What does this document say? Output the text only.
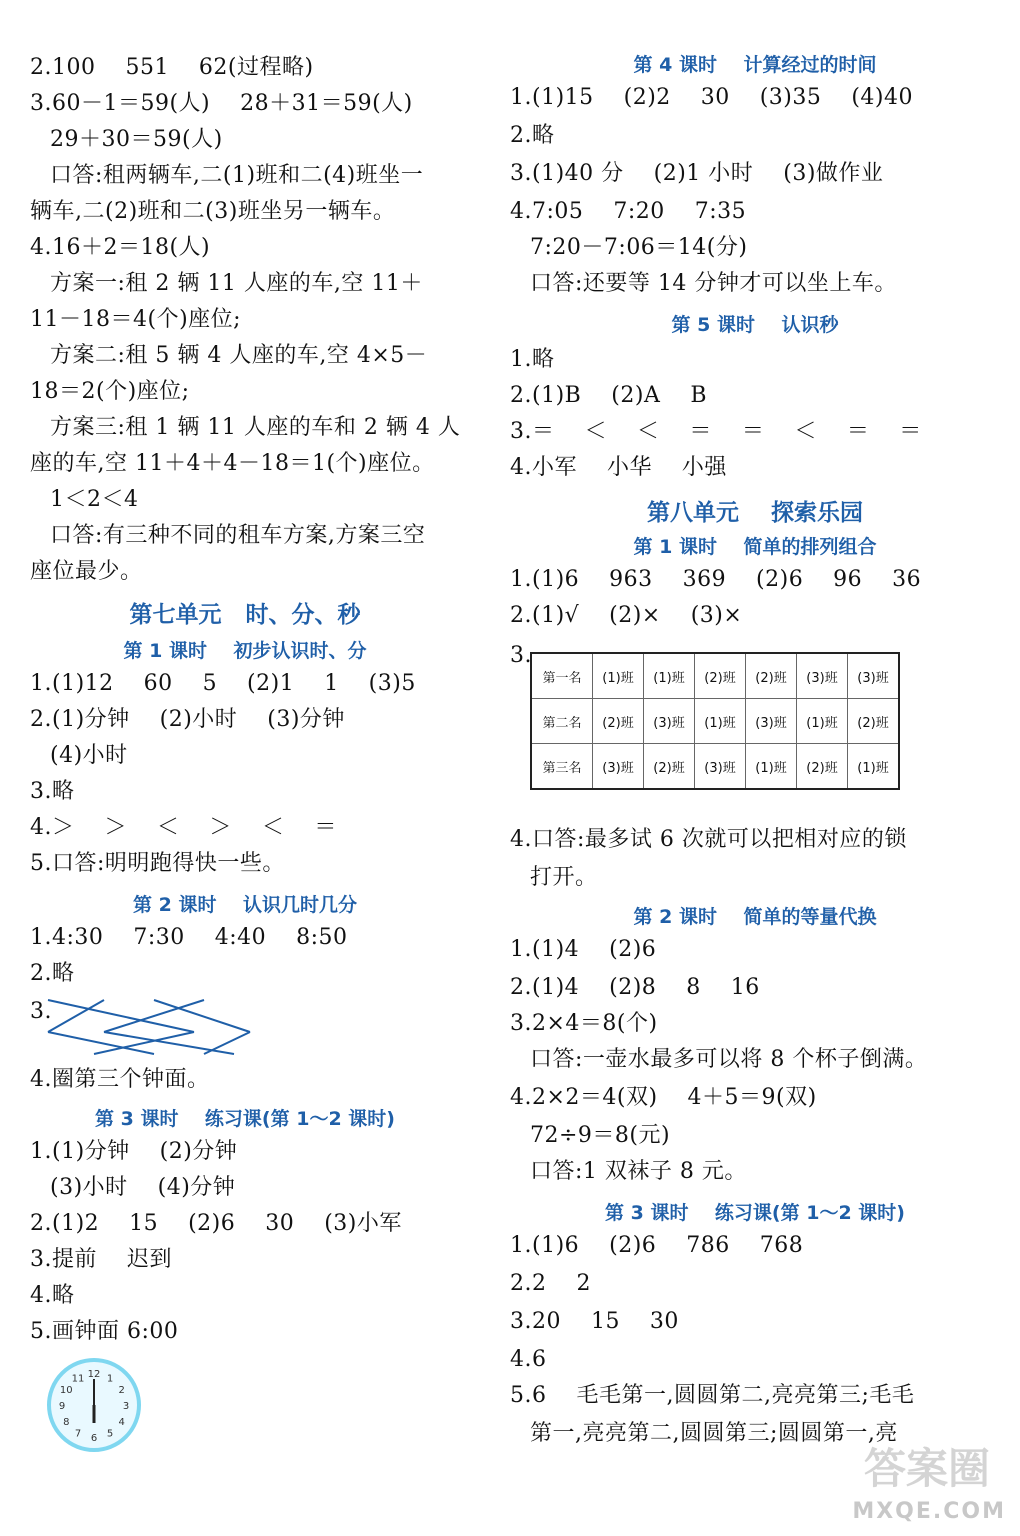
2.100    551    62(过程略)
3.60－1＝59(人)    28＋31＝59(人)
29＋30＝59(人)
口答:租两辆车,二(1)班和二(4)班坐一
辆车,二(2)班和二(3)班坐另一辆车。
4.16＋2＝18(人)
方案一:租 2 辆 11 人座的车,空 11＋
11－18＝4(个)座位;
方案二:租 5 辆 4 人座的车,空 4×5－
18＝2(个)座位;
方案三:租 1 辆 11 人座的车和 2 辆 4 人
座的车,空 11＋4＋4－18＝1(个)座位。
1＜2＜4
口答:有三种不同的租车方案,方案三空
座位最少。
第七单元   时、分、秒
第 1 课时    初步认识时、分
1.(1)12    60    5    (2)1    1    (3)5
2.(1)分钟    (2)小时    (3)分钟
(4)小时
3.略
4.＞    ＞    ＜    ＞    ＜    ＝
5.口答:明明跑得快一些。
第 2 课时    认识几时几分
1.4:30    7:30    4:40    8:50
2.略
3.
4.圈第三个钟面。
第 3 课时    练习课(第 1～2 课时)
1.(1)分钟    (2)分钟
(3)小时    (4)分钟
2.(1)2    15    (2)6    30    (3)小军
3.提前    迟到
4.略
5.画钟面 6:00
12 1
2
3
4
5
6
7
8
9
10
11
第 4 课时    计算经过的时间
1.(1)15    (2)2    30    (3)35    (4)40
2.略
3.(1)40 分    (2)1 小时    (3)做作业
4.7:05    7:20    7:35
7:20－7:06＝14(分)
口答:还要等 14 分钟才可以坐上车。
第 5 课时    认识秒
1.略
2.(1)B    (2)A    B
3.＝    ＜    ＜    ＝    ＝    ＜    ＝    ＝
4.小军    小华    小强
第八单元    探索乐园
第 1 课时    简单的排列组合
1.(1)6    963    369    (2)6    96    36
2.(1)√    (2)×    (3)×
3.
第一名	(1)班	(1)班	(2)班	(2)班	(3)班	(3)班
第二名	(2)班	(3)班	(1)班	(3)班	(1)班	(2)班
第三名	(3)班	(2)班	(3)班	(1)班	(2)班	(1)班
4.口答:最多试 6 次就可以把相对应的锁
打开。
第 2 课时    简单的等量代换
1.(1)4    (2)6
2.(1)4    (2)8    8    16
3.2×4＝8(个)
口答:一壶水最多可以将 8 个杯子倒满。
4.2×2＝4(双)    4＋5＝9(双)
72÷9＝8(元)
口答:1 双袜子 8 元。
第 3 课时    练习课(第 1～2 课时)
1.(1)6    (2)6    786    768
2.2    2
3.20    15    30
4.6
5.6    毛毛第一,圆圆第二,亮亮第三;毛毛
第一,亮亮第二,圆圆第三;圆圆第一,亮
答案圈
MXQE.COM
